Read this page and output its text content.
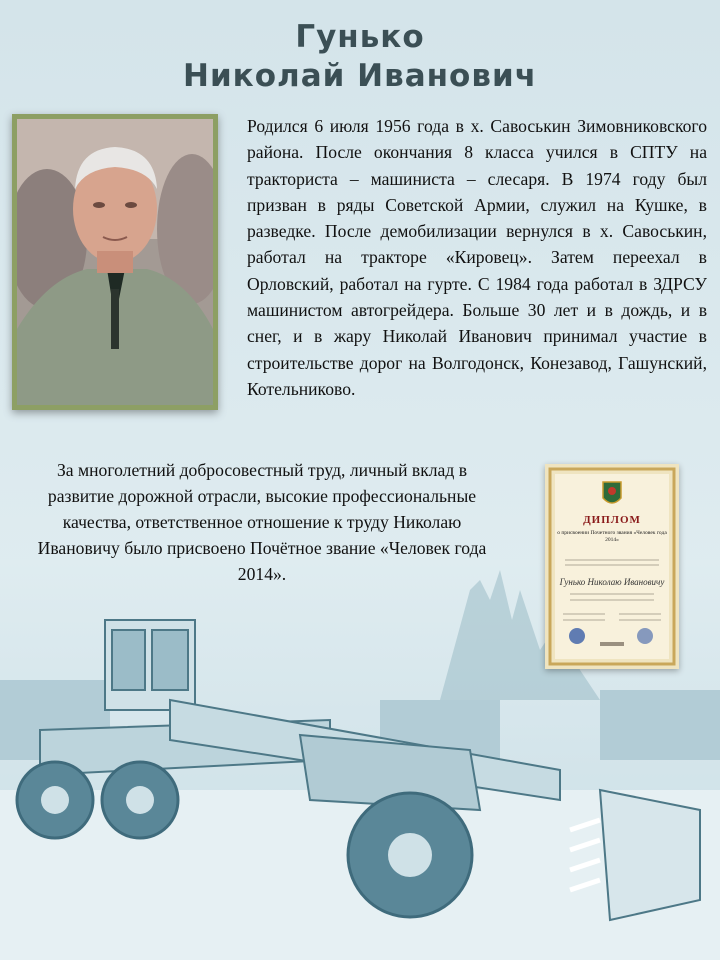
Гунько
Николай Иванович

Родился 6 июля 1956 года в х. Савоськин Зимовниковского района. После окончания 8 класса учился в СПТУ на тракториста – машиниста – слесаря. В 1974 году был призван в ряды Советской Армии, служил на Кушке, в разведке. После демобилизации вернулся в х. Савоськин, работал на тракторе «Кировец». Затем переехал в Орловский, работал на гурте. С 1984 года работал в ЗДРСУ машинистом автогрейдера. Больше 30 лет и в дождь, и в снег, и в жару Николай Иванович принимал участие в строительстве дорог на Волгодонск, Конезавод, Гашунский, Котельниково.

За многолетний добросовестный труд, личный вклад в развитие дорожной отрасли, высокие профессиональные качества, ответственное отношение к труду Николаю Ивановичу было присвоено Почётное звание «Человек года 2014».

ДИПЛОМ
о присвоении Почетного звания «Человек года 2014»
Гунько Николаю Ивановичу
